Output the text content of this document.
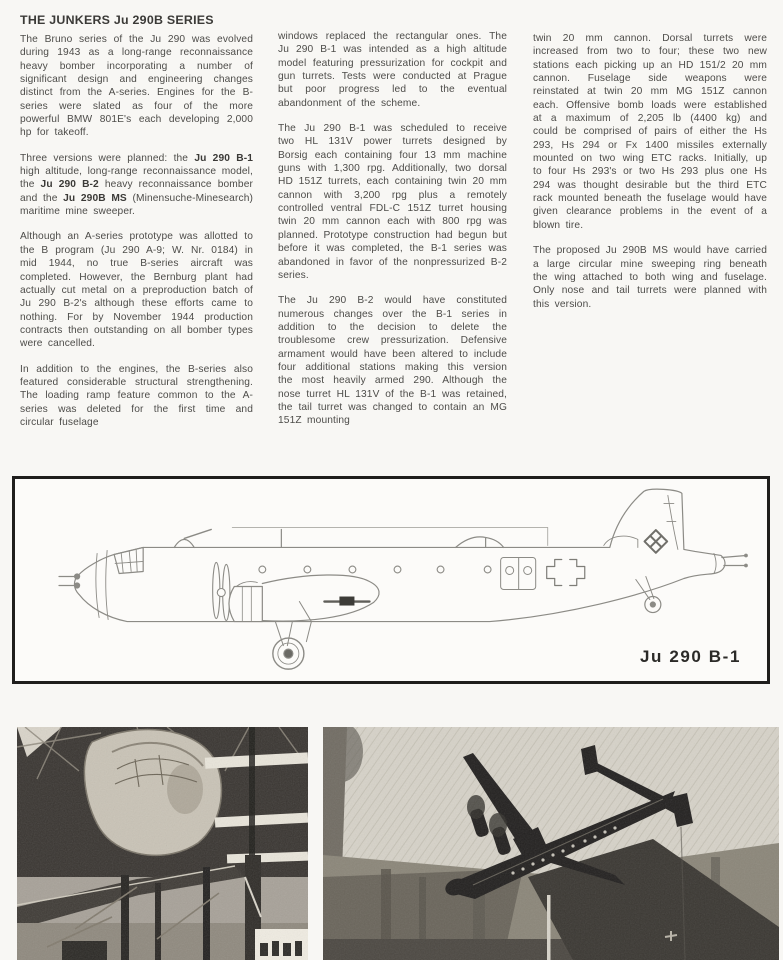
THE JUNKERS Ju 290B SERIES

The Bruno series of the Ju 290 was evolved during 1943 as a long-range reconnaissance heavy bomber incorporating a number of significant design and engineering changes distinct from the A-series. Engines for the B-series were slated as four of the more powerful BMW 801E's each developing 2,000 hp for takeoff.

Three versions were planned: the Ju 290 B-1 high altitude, long-range reconnaissance model, the Ju 290 B-2 heavy reconnaissance bomber and the Ju 290B MS (Minensuche-Minesearch) maritime mine sweeper.

Although an A-series prototype was allotted to the B program (Ju 290 A-9; W. Nr. 0184) in mid 1944, no true B-series aircraft was completed. However, the Bernburg plant had actually cut metal on a preproduction batch of Ju 290 B-2's although these efforts came to nothing. For by November 1944 production contracts then outstanding on all bomber types were cancelled.

In addition to the engines, the B-series also featured considerable structural strengthening. The loading ramp feature common to the A-series was deleted for the first time and circular fuselage

windows replaced the rectangular ones. The Ju 290 B-1 was intended as a high altitude model featuring pressurization for cockpit and gun turrets. Tests were conducted at Prague but poor progress led to the eventual abandonment of the scheme.

The Ju 290 B-1 was scheduled to receive two HL 131V power turrets designed by Borsig each containing four 13 mm machine guns with 1,300 rpg. Additionally, two dorsal HD 151Z turrets, each containing twin 20 mm cannon with 3,200 rpg plus a remotely controlled ventral FDL-C 151Z turret housing twin 20 mm cannon each with 800 rpg was planned. Prototype construction had begun but before it was completed, the B-1 series was abandoned in favor of the nonpressurized B-2 series.

The Ju 290 B-2 would have constituted numerous changes over the B-1 series in addition to the decision to delete the troublesome crew pressurization. Defensive armament would have been altered to include four additional stations making this version the most heavily armed 290. Although the nose turret HL 131V of the B-1 was retained, the tail turret was changed to contain an MG 151Z mounting

twin 20 mm cannon. Dorsal turrets were increased from two to four; these two new stations each picking up an HD 151/2 20 mm cannon. Fuselage side weapons were reinstated at twin 20 mm MG 151Z cannon each. Offensive bomb loads were established at a maximum of 2,205 lb (4400 kg) and could be comprised of pairs of either the Hs 293, Hs 294 or Fx 1400 missiles externally mounted on two wing ETC racks. Initially, up to four Hs 293's or two Hs 293 plus one Hs 294 was thought desirable but the third ETC rack mounted beneath the fuselage would have given clearance problems in the event of a blown tire.

The proposed Ju 290B MS would have carried a large circular mine sweeping ring beneath the wing attached to both wing and fuselage. Only nose and tail turrets were planned with this version.

Ju 290 B-1
